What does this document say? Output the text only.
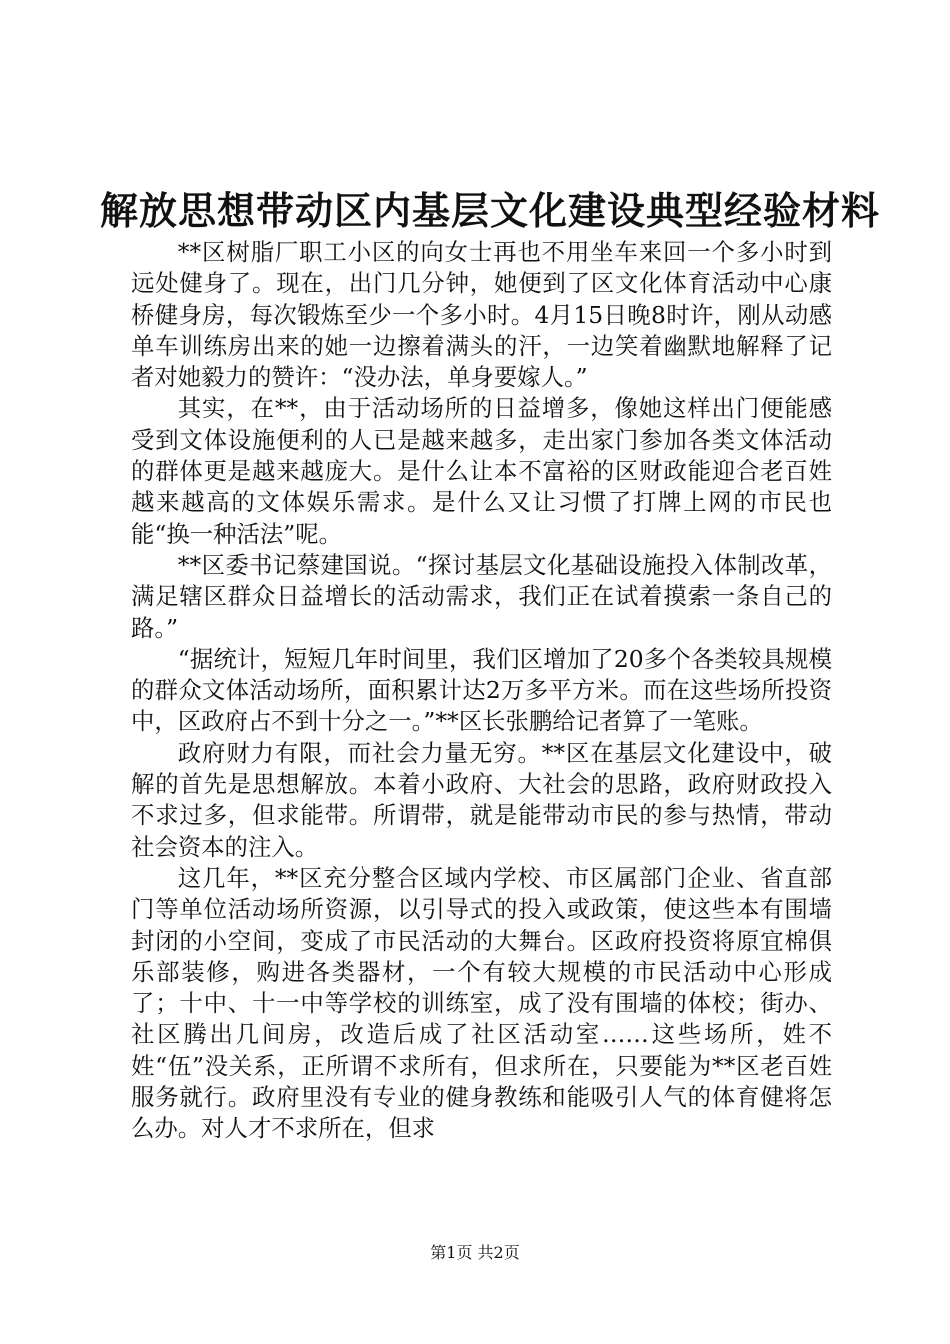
解放思想带动区内基层文化建设典型经验材料

**区树脂厂职工小区的向女士再也不用坐车来回一个多小时到远处健身了。现在，出门几分钟，她便到了区文化体育活动中心康桥健身房，每次锻炼至少一个多小时。4月15日晚8时许，刚从动感单车训练房出来的她一边擦着满头的汗，一边笑着幽默地解释了记者对她毅力的赞许：“没办法，单身要嫁人。”

其实，在**，由于活动场所的日益增多，像她这样出门便能感受到文体设施便利的人已是越来越多，走出家门参加各类文体活动的群体更是越来越庞大。是什么让本不富裕的区财政能迎合老百姓越来越高的文体娱乐需求。是什么又让习惯了打牌上网的市民也能“换一种活法”呢。

**区委书记蔡建国说。“探讨基层文化基础设施投入体制改革，满足辖区群众日益增长的活动需求，我们正在试着摸索一条自己的路。”

“据统计，短短几年时间里，我们区增加了20多个各类较具规模的群众文体活动场所，面积累计达2万多平方米。而在这些场所投资中，区政府占不到十分之一。”**区长张鹏给记者算了一笔账。

政府财力有限，而社会力量无穷。**区在基层文化建设中，破解的首先是思想解放。本着小政府、大社会的思路，政府财政投入不求过多，但求能带。所谓带，就是能带动市民的参与热情，带动社会资本的注入。

这几年，**区充分整合区域内学校、市区属部门企业、省直部门等单位活动场所资源，以引导式的投入或政策，使这些本有围墙封闭的小空间，变成了市民活动的大舞台。区政府投资将原宜棉俱乐部装修，购进各类器材，一个有较大规模的市民活动中心形成了；十中、十一中等学校的训练室，成了没有围墙的体校；街办、社区腾出几间房，改造后成了社区活动室……这些场所，姓不姓“伍”没关系，正所谓不求所有，但求所在，只要能为**区老百姓服务就行。政府里没有专业的健身教练和能吸引人气的体育健将怎么办。对人才不求所在，但求

第1页 共2页
